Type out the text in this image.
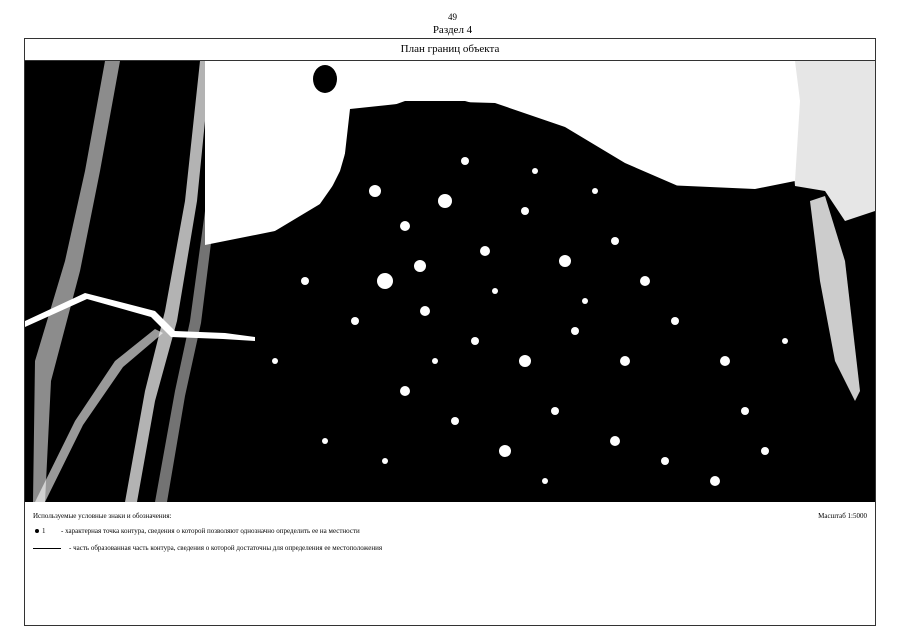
49
Раздел 4
План границ объекта
Используемые условные знаки и обозначения:	Масштаб 1:5000
1 - характерная точка контура, сведения о которой позволяют однозначно определить ее на местности
- часть образованная часть контура, сведения о которой достаточны для определения ее местоположения
